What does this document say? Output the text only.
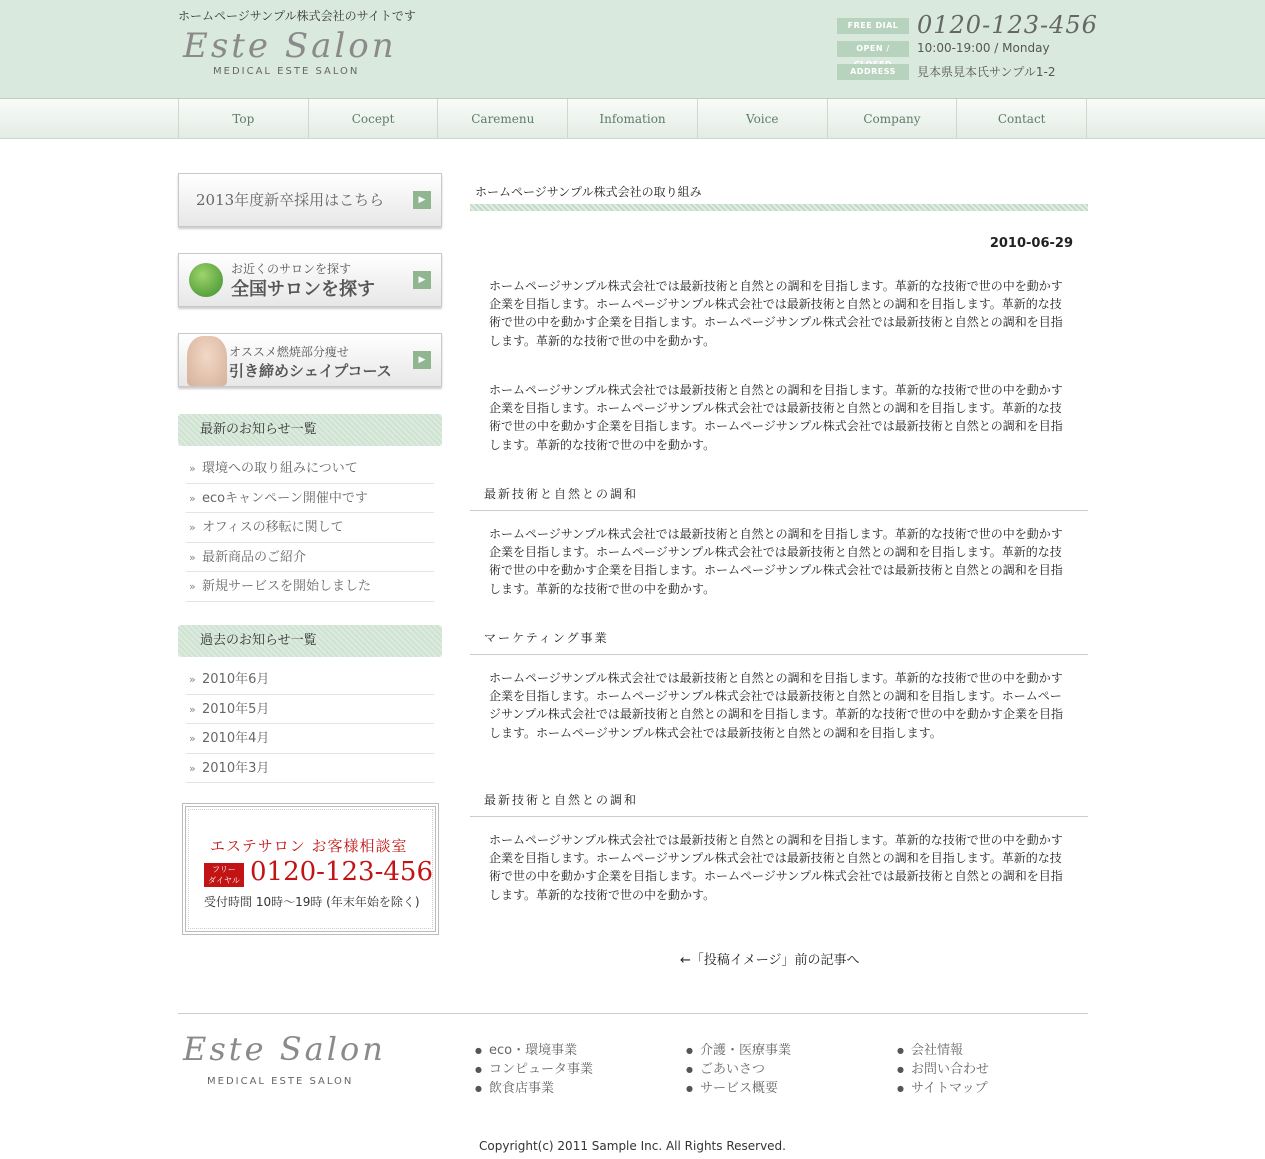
ホームページサンプル株式会社のサイトです
Este Salon
MEDICAL ESTE SALON
FREE DIAL 0120-123-456
OPEN /	10:00-19:00 / Monday
ADDRESS	見本県見本氏サンプル1-2
Top	Cocept	Caremenu	Infomation	Voice	Company	Contact
2013年度新卒採用はこちら	▶
お近くのサロンを探す
全国サロンを探す	▶
オススメ燃焼部分痩せ
引き締めシェイプコース
▶
最新のお知らせ一覧
» 環境への取り組みについて
» ecoキャンペーン開催中です
» オフィスの移転に関して
» 最新商品のご紹介
» 新規サービスを開始しました
過去のお知らせ一覧
» 2010年6月
» 2010年5月
» 2010年4月
» 2010年3月
エステサロン お客様相談室
フリー
ダイヤル 0120-123-456
受付時間 10時～19時 (年末年始を除く)
ホームページサンプル株式会社の取り組み
2010-06-29

ホームページサンプル株式会社では最新技術と自然との調和を目指します。革新的な技術で世の中を動かす企業を目指します。ホームページサンプル株式会社では最新技術と自然との調和を目指します。革新的な技術で世の中を動かす企業を目指します。ホームページサンプル株式会社では最新技術と自然との調和を目指します。革新的な技術で世の中を動かす。

ホームページサンプル株式会社では最新技術と自然との調和を目指します。革新的な技術で世の中を動かす企業を目指します。ホームページサンプル株式会社では最新技術と自然との調和を目指します。革新的な技術で世の中を動かす企業を目指します。ホームページサンプル株式会社では最新技術と自然との調和を目指します。革新的な技術で世の中を動かす。

最新技術と自然との調和

ホームページサンプル株式会社では最新技術と自然との調和を目指します。革新的な技術で世の中を動かす企業を目指します。ホームページサンプル株式会社では最新技術と自然との調和を目指します。革新的な技術で世の中を動かす企業を目指します。ホームページサンプル株式会社では最新技術と自然との調和を目指します。革新的な技術で世の中を動かす。

マーケティング事業

ホームページサンプル株式会社では最新技術と自然との調和を目指します。革新的な技術で世の中を動かす企業を目指します。ホームページサンプル株式会社では最新技術と自然との調和を目指します。ホームページサンプル株式会社では最新技術と自然との調和を目指します。革新的な技術で世の中を動かす企業を目指します。ホームページサンプル株式会社では最新技術と自然との調和を目指します。

最新技術と自然との調和

ホームページサンプル株式会社では最新技術と自然との調和を目指します。革新的な技術で世の中を動かす企業を目指します。ホームページサンプル株式会社では最新技術と自然との調和を目指します。革新的な技術で世の中を動かす企業を目指します。ホームページサンプル株式会社では最新技術と自然との調和を目指します。革新的な技術で世の中を動かす。

←「投稿イメージ」前の記事へ
Este Salon
MEDICAL ESTE SALON
● eco・環境事業
● コンピュータ事業
● 飲食店事業
● 介護・医療事業
● ごあいさつ
● サービス概要
● 会社情報
● お問い合わせ
● サイトマップ
Copyright(c) 2011 Sample Inc. All Rights Reserved.
